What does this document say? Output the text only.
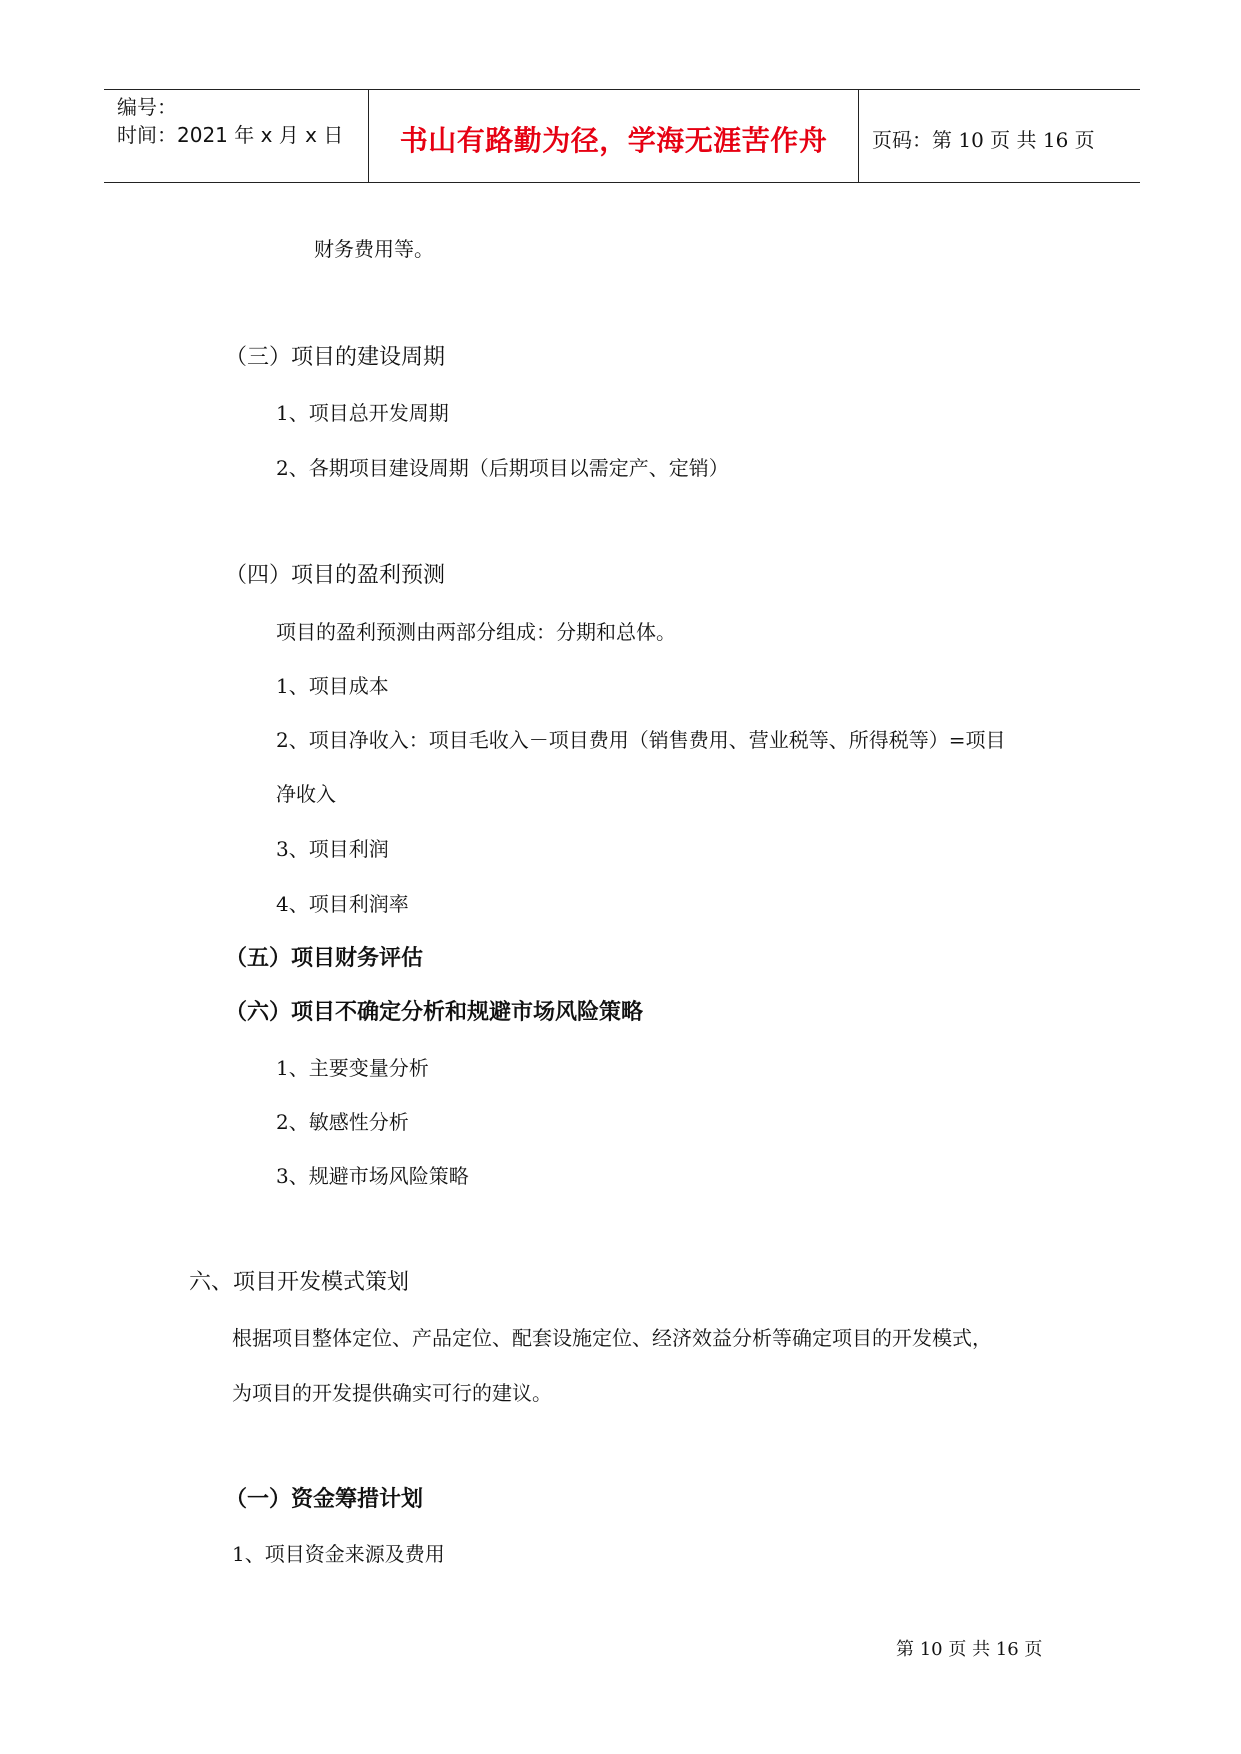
编号：
时间：2021 年 x 月 x 日	书山有路勤为径，学海无涯苦作舟	页码：第 10 页 共 16 页
财务费用等。
（三）项目的建设周期
1、项目总开发周期
2、各期项目建设周期（后期项目以需定产、定销）
（四）项目的盈利预测
项目的盈利预测由两部分组成：分期和总体。
1、项目成本
2、项目净收入：项目毛收入－项目费用（销售费用、营业税等、所得税等）=项目
净收入
3、项目利润
4、项目利润率
（五）项目财务评估
（六）项目不确定分析和规避市场风险策略
1、主要变量分析
2、敏感性分析
3、规避市场风险策略
六、项目开发模式策划
根据项目整体定位、产品定位、配套设施定位、经济效益分析等确定项目的开发模式，
为项目的开发提供确实可行的建议。
（一）资金筹措计划
1、项目资金来源及费用
第 10 页 共 16 页
